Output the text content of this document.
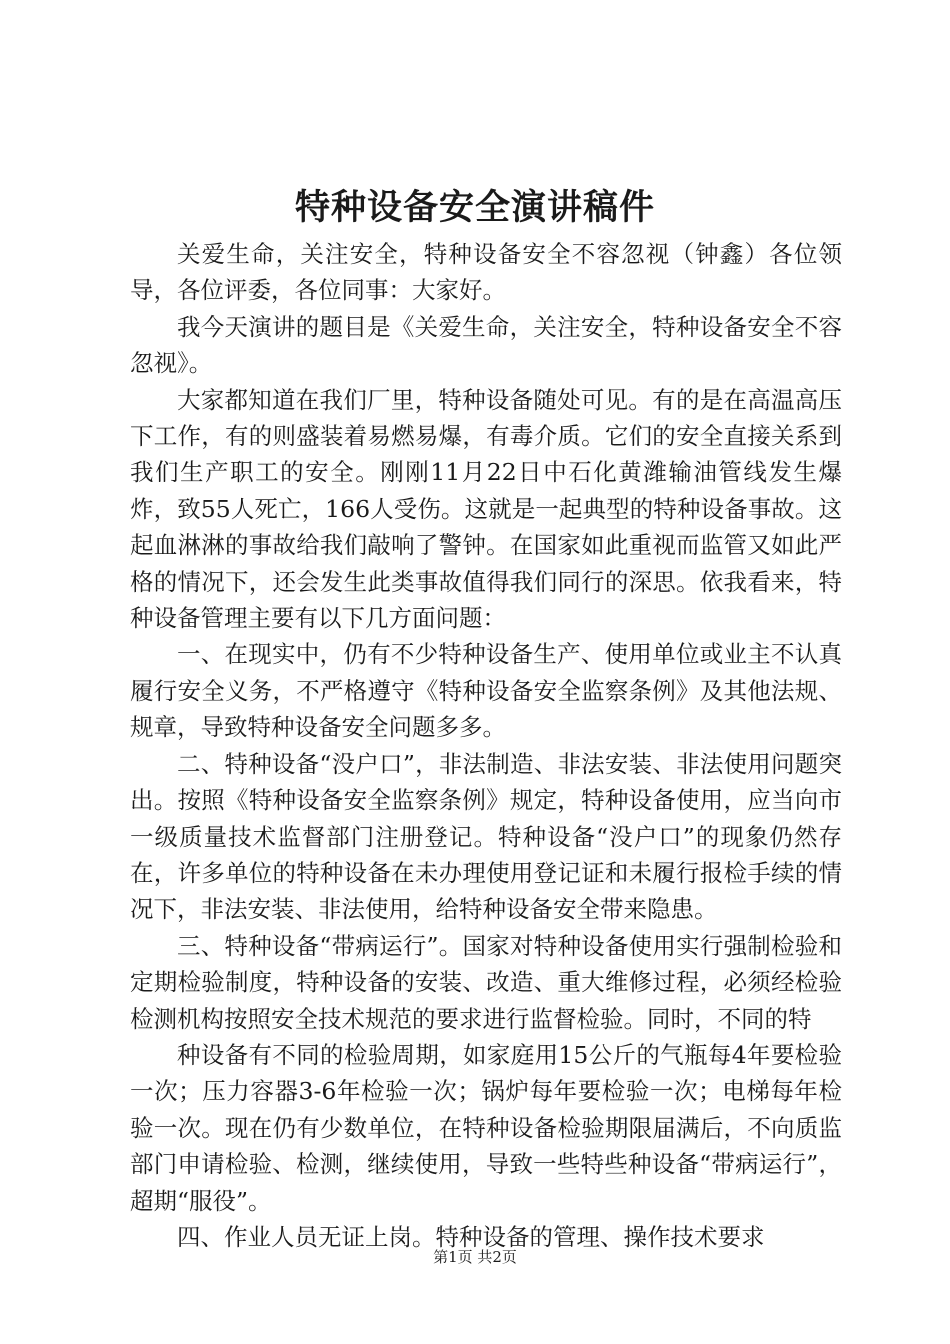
特种设备安全演讲稿件

关爱生命，关注安全，特种设备安全不容忽视（钟鑫）各位领导，各位评委，各位同事：大家好。

我今天演讲的题目是《关爱生命，关注安全，特种设备安全不容忽视》。

大家都知道在我们厂里，特种设备随处可见。有的是在高温高压下工作，有的则盛装着易燃易爆，有毒介质。它们的安全直接关系到我们生产职工的安全。刚刚11月22日中石化黄潍输油管线发生爆炸，致55人死亡，166人受伤。这就是一起典型的特种设备事故。这起血淋淋的事故给我们敲响了警钟。在国家如此重视而监管又如此严格的情况下，还会发生此类事故值得我们同行的深思。依我看来，特种设备管理主要有以下几方面问题：

一、在现实中，仍有不少特种设备生产、使用单位或业主不认真履行安全义务，不严格遵守《特种设备安全监察条例》及其他法规、规章，导致特种设备安全问题多多。

二、特种设备“没户口”，非法制造、非法安装、非法使用问题突出。按照《特种设备安全监察条例》规定，特种设备使用，应当向市一级质量技术监督部门注册登记。特种设备“没户口”的现象仍然存在，许多单位的特种设备在未办理使用登记证和未履行报检手续的情况下，非法安装、非法使用，给特种设备安全带来隐患。

三、特种设备“带病运行”。国家对特种设备使用实行强制检验和定期检验制度，特种设备的安装、改造、重大维修过程，必须经检验检测机构按照安全技术规范的要求进行监督检验。同时，不同的特

种设备有不同的检验周期，如家庭用15公斤的气瓶每4年要检验一次；压力容器3-6年检验一次；锅炉每年要检验一次；电梯每年检验一次。现在仍有少数单位，在特种设备检验期限届满后，不向质监部门申请检验、检测，继续使用，导致一些特些种设备“带病运行”，超期“服役”。

四、作业人员无证上岗。特种设备的管理、操作技术要求

第1页 共2页
